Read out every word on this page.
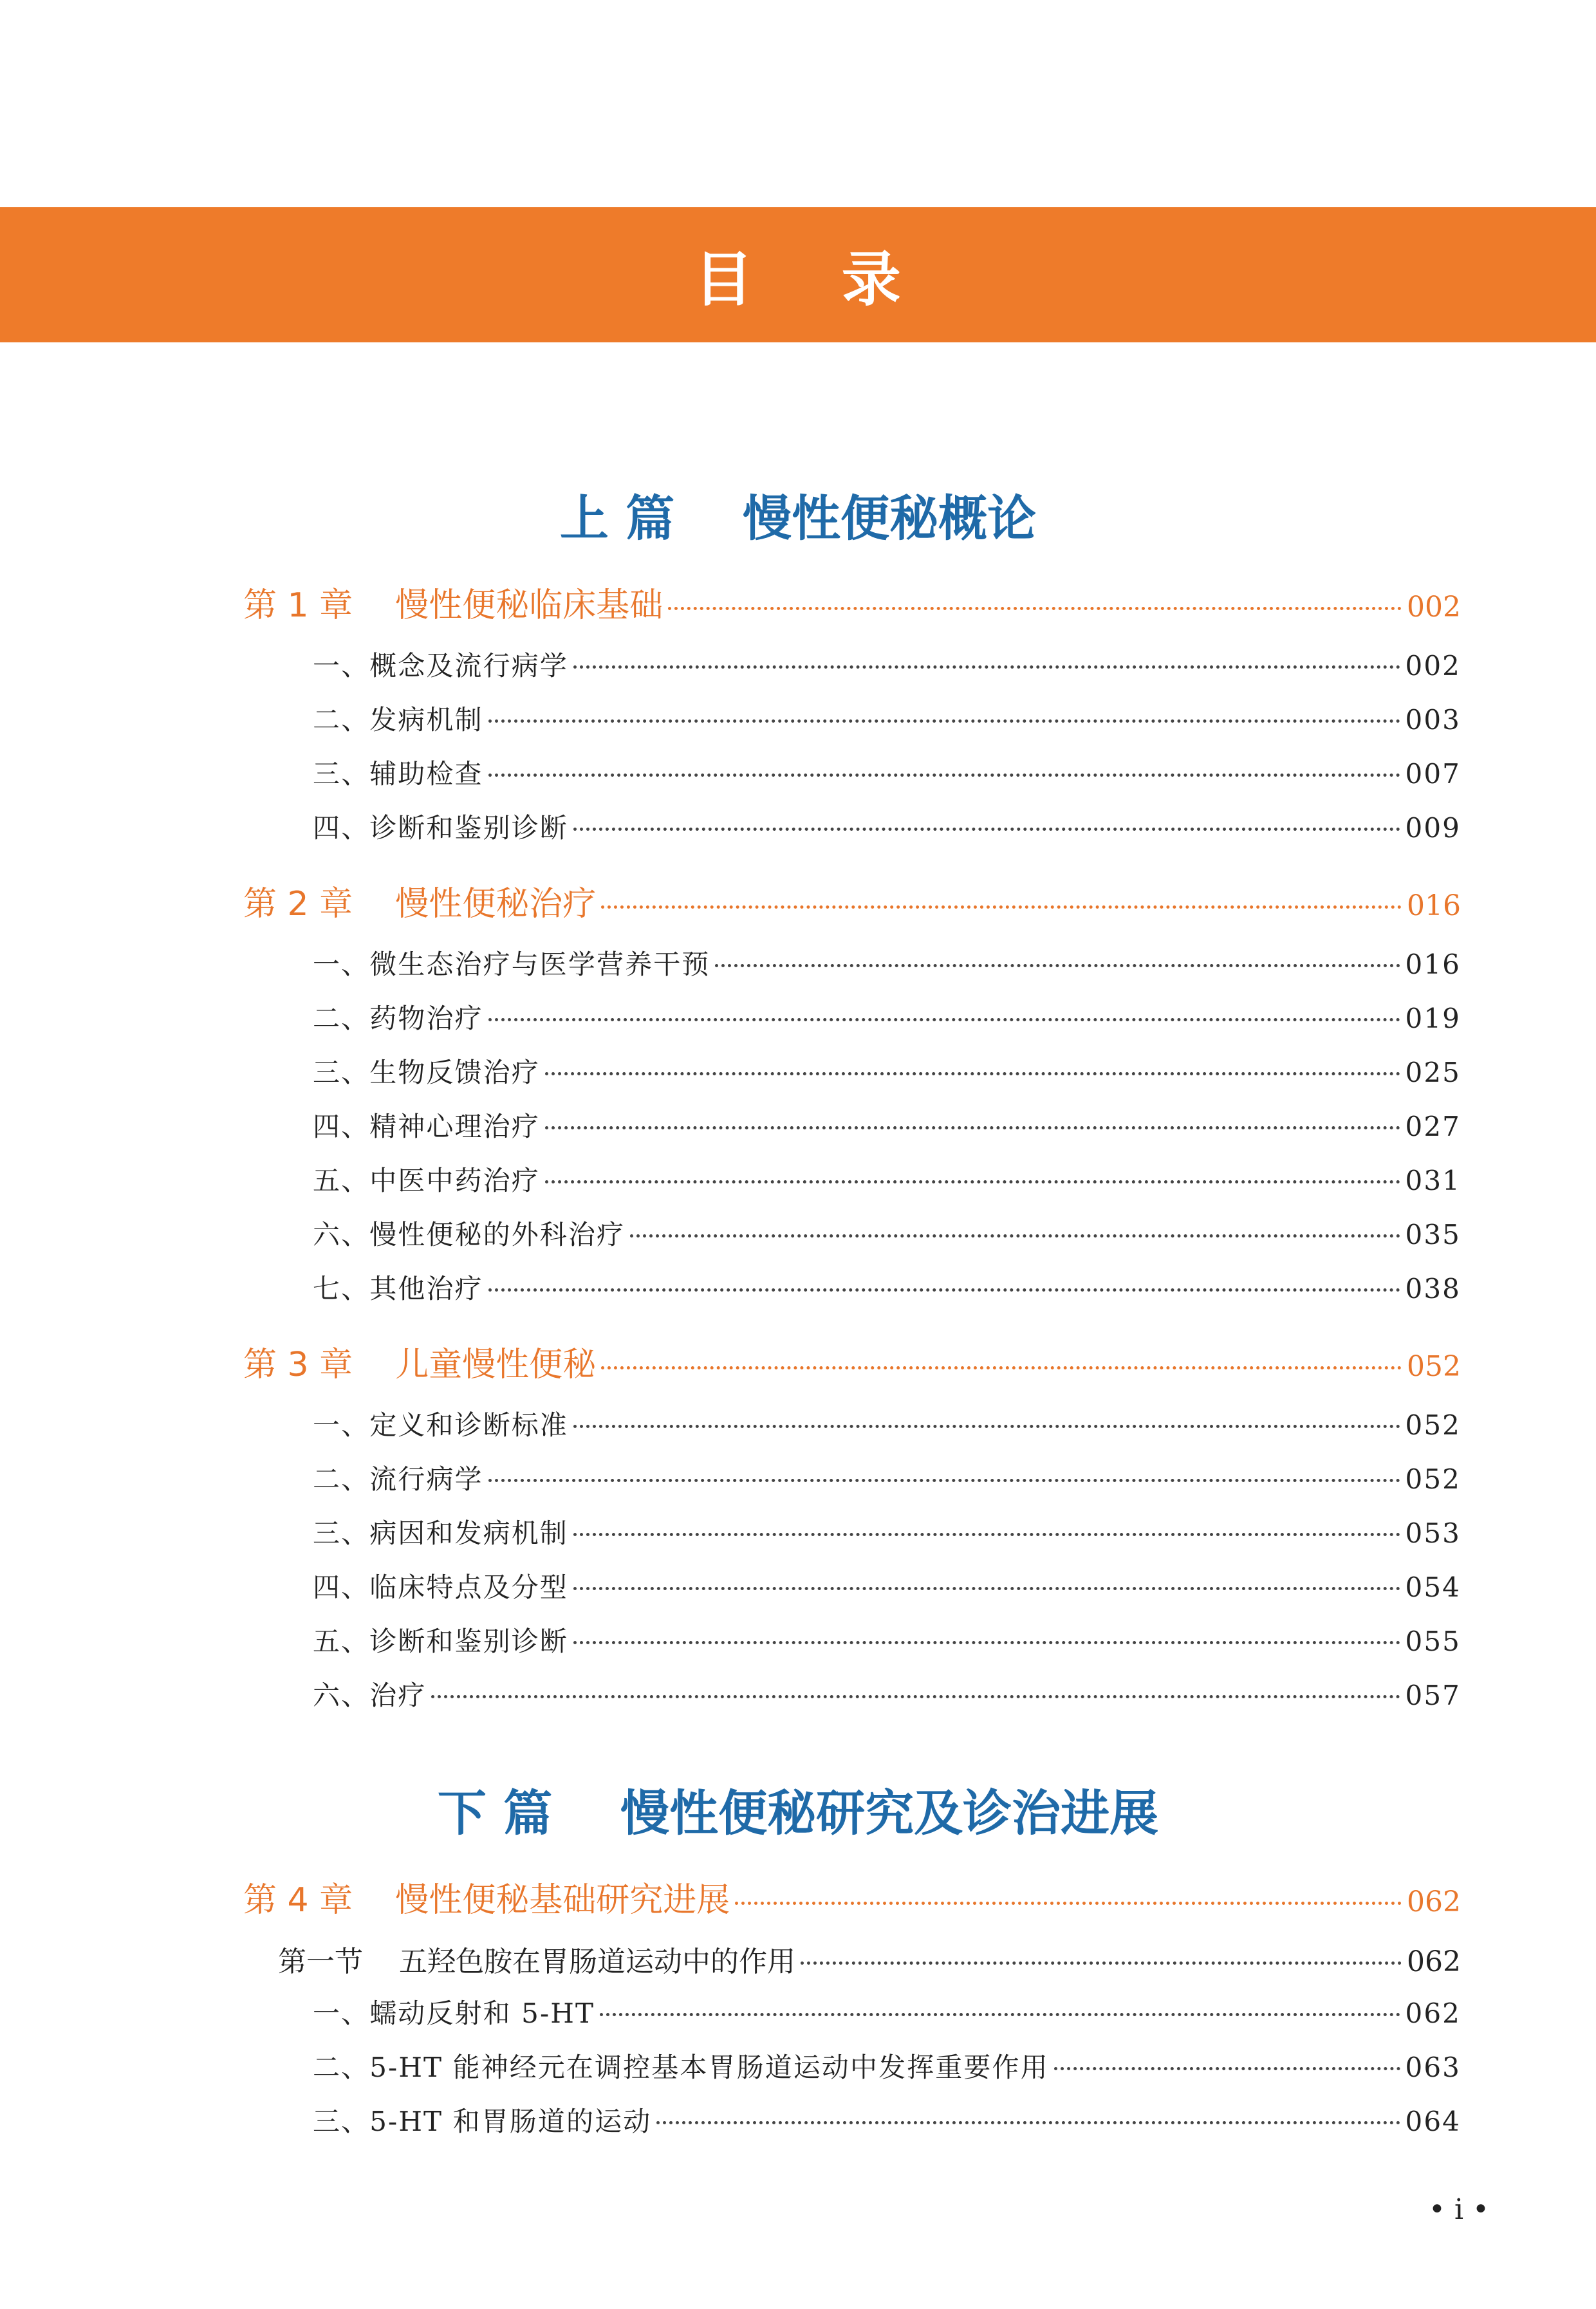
目    录
上 篇    慢性便秘概论
第 1 章    慢性便秘临床基础	002
一、概念及流行病学	002
二、发病机制	003
三、辅助检查	007
四、诊断和鉴别诊断	009
第 2 章    慢性便秘治疗	016
一、微生态治疗与医学营养干预	016
二、药物治疗	019
三、生物反馈治疗	025
四、精神心理治疗	027
五、中医中药治疗	031
六、慢性便秘的外科治疗	035
七、其他治疗	038
第 3 章    儿童慢性便秘	052
一、定义和诊断标准	052
二、流行病学	052
三、病因和发病机制	053
四、临床特点及分型	054
五、诊断和鉴别诊断	055
六、治疗	057
下 篇    慢性便秘研究及诊治进展
第 4 章    慢性便秘基础研究进展	062
第一节    五羟色胺在胃肠道运动中的作用	062
一、蠕动反射和 5-HT	062
二、5-HT 能神经元在调控基本胃肠道运动中发挥重要作用	063
三、5-HT 和胃肠道的运动	064
• i •
